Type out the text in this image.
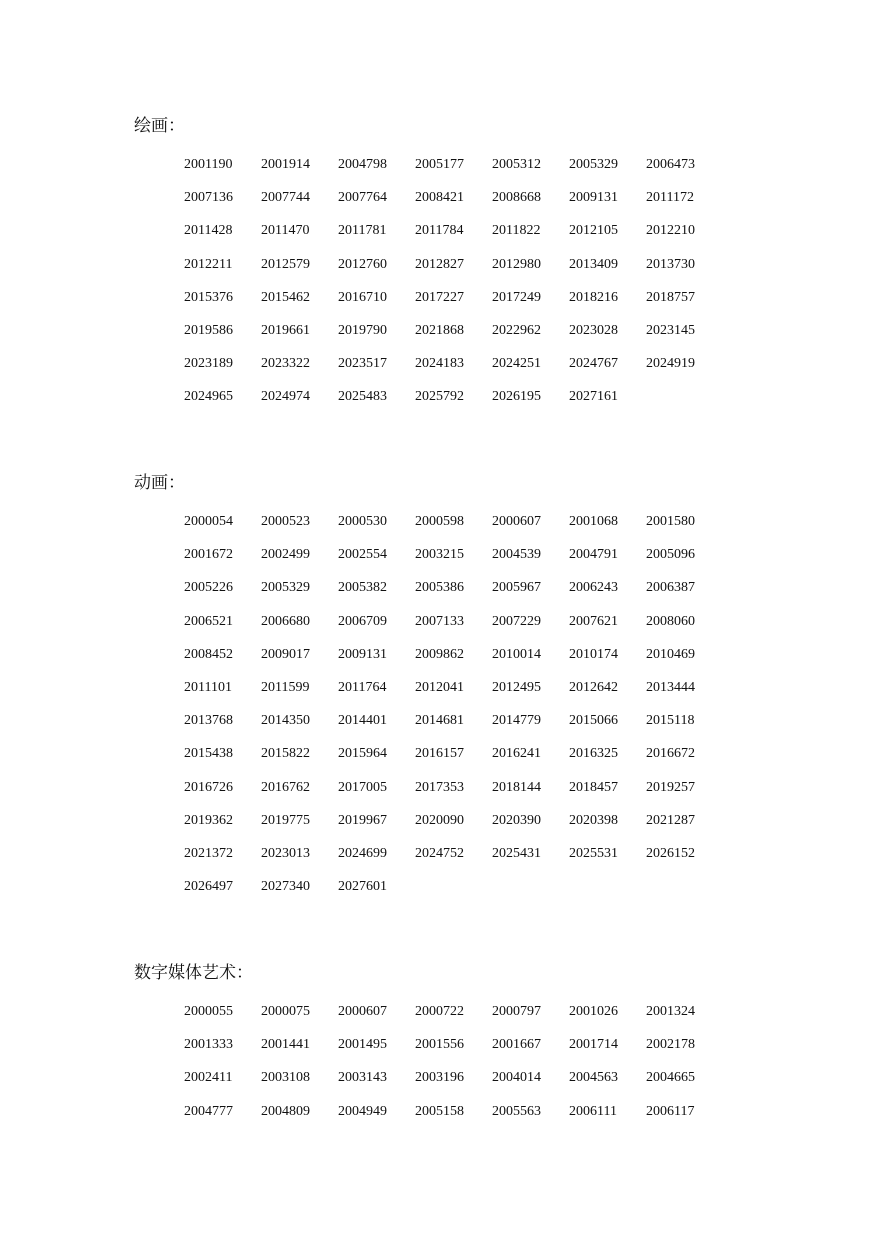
绘画：
2001190	2001914	2004798	2005177	2005312	2005329	2006473
2007136	2007744	2007764	2008421	2008668	2009131	2011172
2011428	2011470	2011781	2011784	2011822	2012105	2012210
2012211	2012579	2012760	2012827	2012980	2013409	2013730
2015376	2015462	2016710	2017227	2017249	2018216	2018757
2019586	2019661	2019790	2021868	2022962	2023028	2023145
2023189	2023322	2023517	2024183	2024251	2024767	2024919
2024965	2024974	2025483	2025792	2026195	2027161
动画：
2000054	2000523	2000530	2000598	2000607	2001068	2001580
2001672	2002499	2002554	2003215	2004539	2004791	2005096
2005226	2005329	2005382	2005386	2005967	2006243	2006387
2006521	2006680	2006709	2007133	2007229	2007621	2008060
2008452	2009017	2009131	2009862	2010014	2010174	2010469
2011101	2011599	2011764	2012041	2012495	2012642	2013444
2013768	2014350	2014401	2014681	2014779	2015066	2015118
2015438	2015822	2015964	2016157	2016241	2016325	2016672
2016726	2016762	2017005	2017353	2018144	2018457	2019257
2019362	2019775	2019967	2020090	2020390	2020398	2021287
2021372	2023013	2024699	2024752	2025431	2025531	2026152
2026497	2027340	2027601
数字媒体艺术：
2000055	2000075	2000607	2000722	2000797	2001026	2001324
2001333	2001441	2001495	2001556	2001667	2001714	2002178
2002411	2003108	2003143	2003196	2004014	2004563	2004665
2004777	2004809	2004949	2005158	2005563	2006111	2006117
